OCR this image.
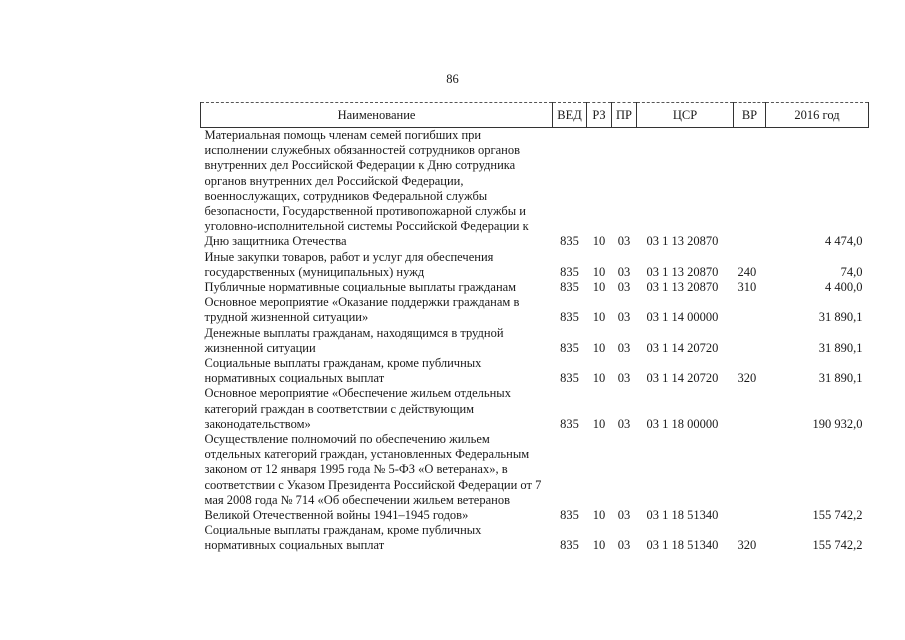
86
Наименование	ВЕД	РЗ	ПР	ЦСР	ВР	2016 год
Материальная помощь членам семей погибших при исполнении служебных обязанностей сотрудников органов внутренних дел Российской Федерации к Дню сотрудника органов внутренних дел Российской Федерации, военнослужащих, сотрудников Федеральной службы безопасности, Государственной противопожарной службы и уголовно-исполнительной системы Российской Федерации к Дню защитника Отечества	835	10	03	03 1 13 20870		4 474,0
Иные закупки товаров, работ и услуг для обеспечения государственных (муниципальных) нужд	835	10	03	03 1 13 20870	240	74,0
Публичные нормативные социальные выплаты гражданам	835	10	03	03 1 13 20870	310	4 400,0
Основное мероприятие «Оказание поддержки гражданам в трудной жизненной ситуации»	835	10	03	03 1 14 00000		31 890,1
Денежные выплаты гражданам, находящимся в трудной жизненной ситуации	835	10	03	03 1 14 20720		31 890,1
Социальные выплаты гражданам, кроме публичных нормативных социальных выплат	835	10	03	03 1 14 20720	320	31 890,1
Основное мероприятие «Обеспечение жильем отдельных категорий граждан в соответствии с действующим законодательством»	835	10	03	03 1 18 00000		190 932,0
Осуществление полномочий по обеспечению жильем отдельных категорий граждан, установленных Федеральным законом от 12 января 1995 года № 5-ФЗ «О ветеранах», в соответствии с Указом Президента Российской Федерации от 7 мая 2008 года № 714 «Об обеспечении жильем ветеранов Великой Отечественной войны 1941–1945 годов»	835	10	03	03 1 18 51340		155 742,2
Социальные выплаты гражданам, кроме публичных нормативных социальных выплат	835	10	03	03 1 18 51340	320	155 742,2
